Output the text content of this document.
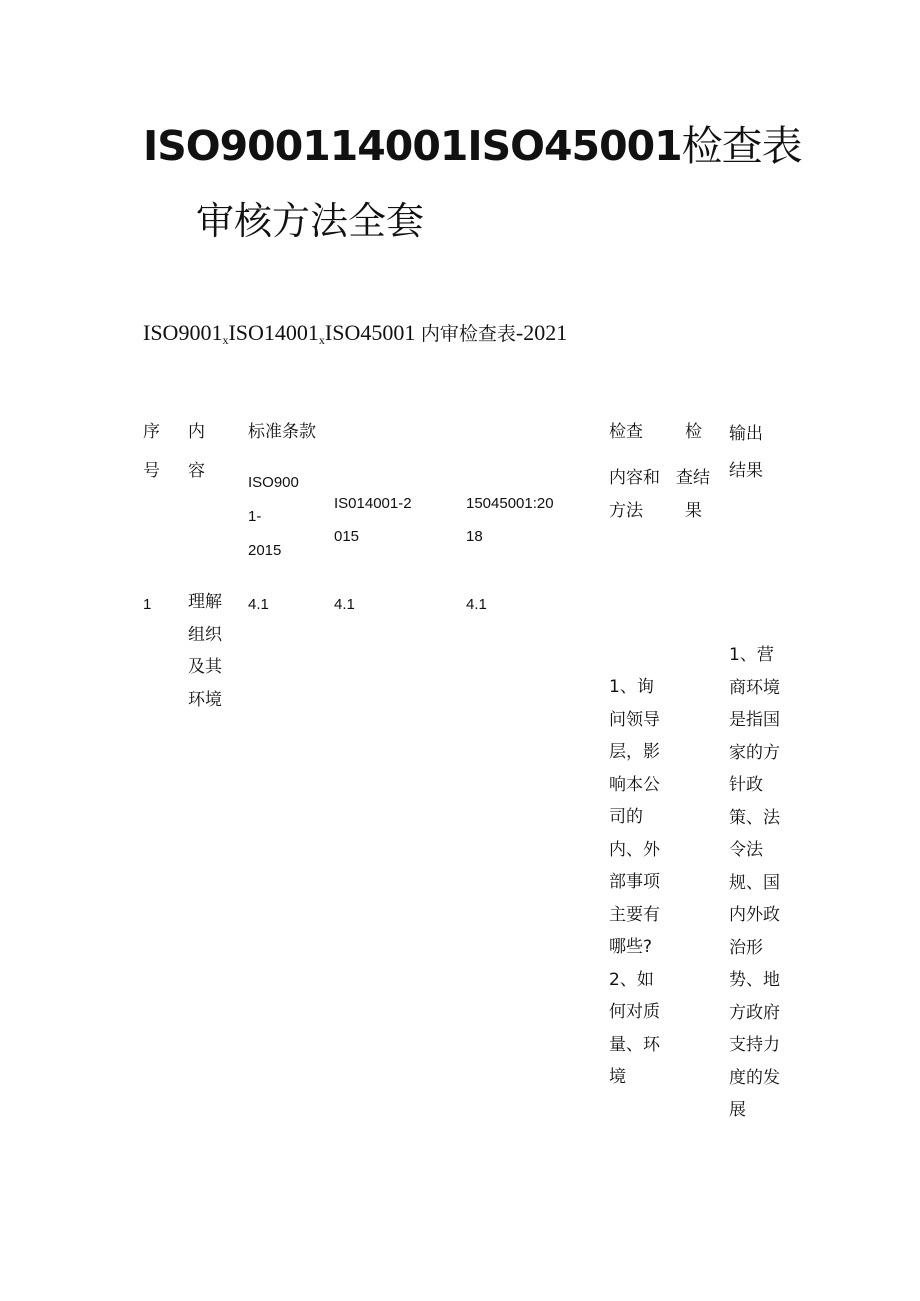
ISO900114001ISO45001检查表
审核方法全套
$ISO9001_xISO14001_xISO45001$ 内审检查表-2021
序
号
内
容
标准条款
ISO900
1-
2015
IS014001-2
015
15045001:20
18
检查
内容和
方法
检
查结
果
输出
结果
1 理解
组织
及其
环境
4.1	4.1	4.1
1、询
问领导
层，影
响本公
司的
内、外
部事项
主要有
哪些?
2、如
何对质
量、环
境
1、营
商环境
是指国
家的方
针政
策、法
令法
规、国
内外政
治形
势、地
方政府
支持力
度的发
展
